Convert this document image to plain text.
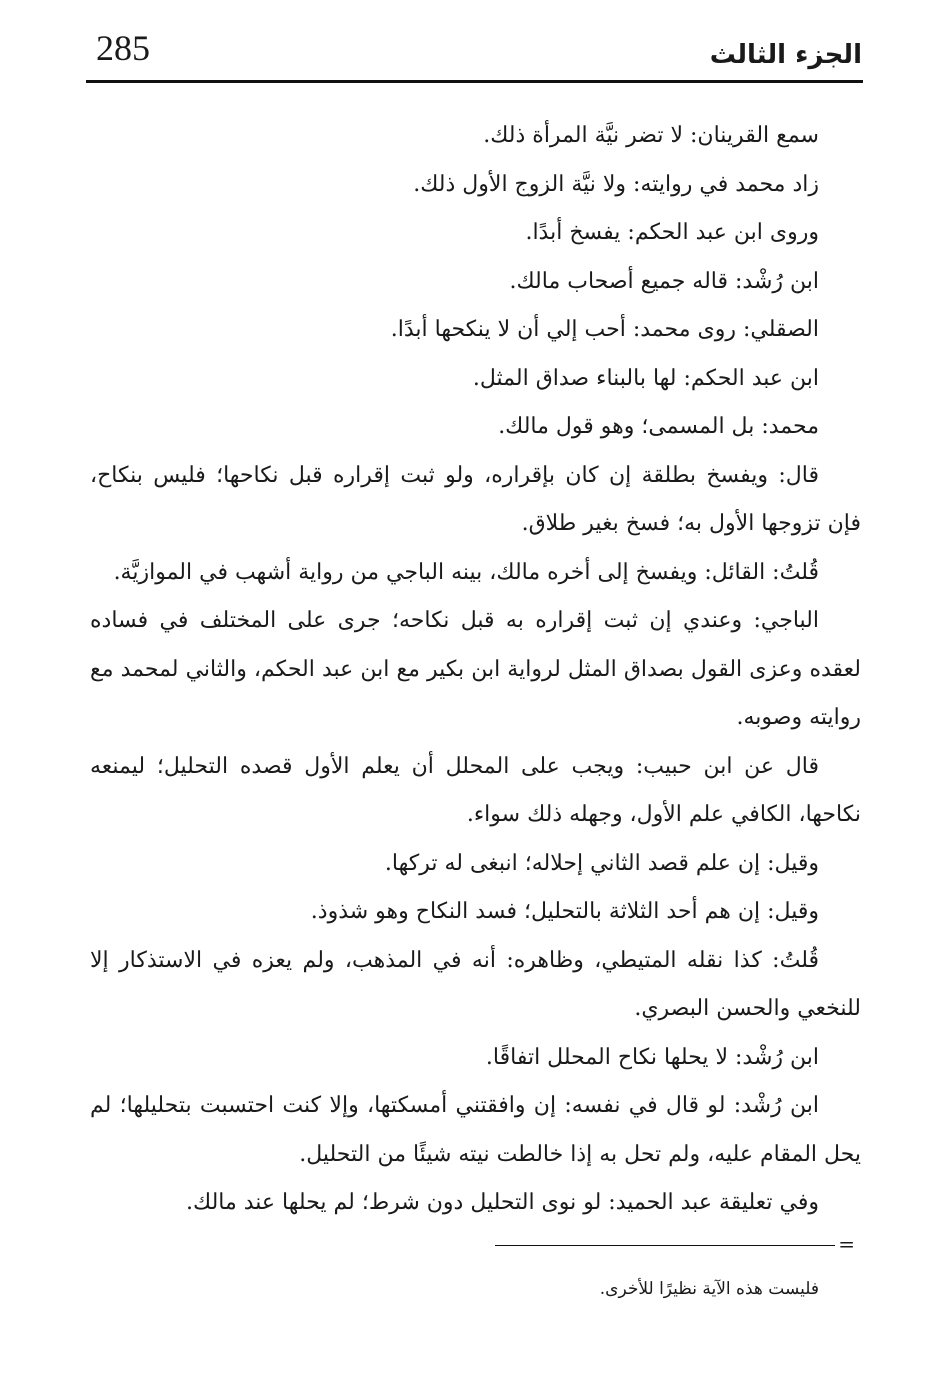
285	الجزء الثالث

سمع القرينان: لا تضر نيَّة المرأة ذلك.

زاد محمد في روايته: ولا نيَّة الزوج الأول ذلك.

وروى ابن عبد الحكم: يفسخ أبدًا.

ابن رُشْد: قاله جميع أصحاب مالك.

الصقلي: روى محمد: أحب إلي أن لا ينكحها أبدًا.

ابن عبد الحكم: لها بالبناء صداق المثل.

محمد: بل المسمى؛ وهو قول مالك.

قال: ويفسخ بطلقة إن كان بإقراره، ولو ثبت إقراره قبل نكاحها؛ فليس بنكاح، فإن تزوجها الأول به؛ فسخ بغير طلاق.

قُلتُ: القائل: ويفسخ إلى أخره مالك، بينه الباجي من رواية أشهب في الموازيَّة.

الباجي: وعندي إن ثبت إقراره به قبل نكاحه؛ جرى على المختلف في فساده لعقده وعزى القول بصداق المثل لرواية ابن بكير مع ابن عبد الحكم، والثاني لمحمد مع روايته وصوبه.

قال عن ابن حبيب: ويجب على المحلل أن يعلم الأول قصده التحليل؛ ليمنعه نكاحها، الكافي علم الأول، وجهله ذلك سواء.

وقيل: إن علم قصد الثاني إحلاله؛ انبغى له تركها.

وقيل: إن هم أحد الثلاثة بالتحليل؛ فسد النكاح وهو شذوذ.

قُلتُ: كذا نقله المتيطي، وظاهره: أنه في المذهب، ولم يعزه في الاستذكار إلا للنخعي والحسن البصري.

ابن رُشْد: لا يحلها نكاح المحلل اتفاقًا.

ابن رُشْد: لو قال في نفسه: إن وافقتني أمسكتها، وإلا كنت احتسبت بتحليلها؛ لم يحل المقام عليه، ولم تحل به إذا خالطت نيته شيئًا من التحليل.

وفي تعليقة عبد الحميد: لو نوى التحليل دون شرط؛ لم يحلها عند مالك.

=
فليست هذه الآية نظيرًا للأخرى.
